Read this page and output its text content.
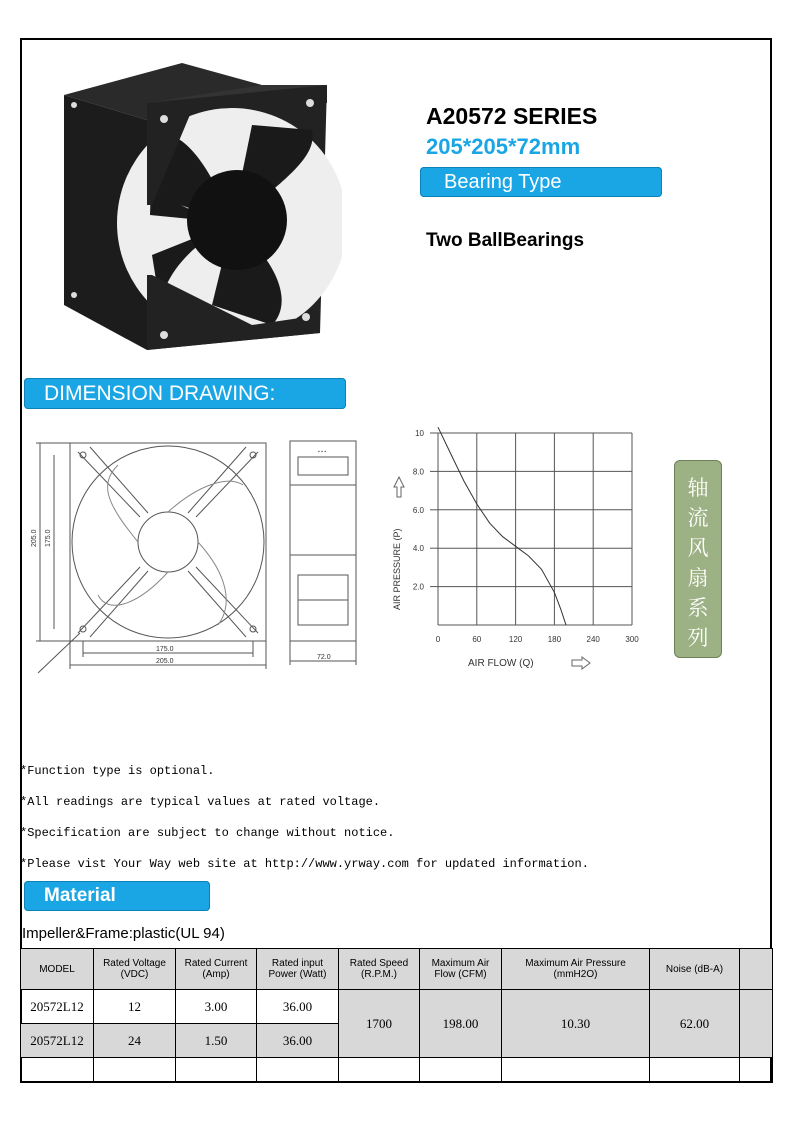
A20572 SERIES
205*205*72mm
Bearing Type
Two BallBearings
DIMENSION DRAWING:
205.0 175.0
175.0
205.0
▪ ▪ ▪
72.0
0	60	120	180	240	300
2.0
4.0
6.0
8.0
10
AIR PRESSURE (P)
AIR FLOW (Q)
轴
流
风
扇
系
列
*Function type is optional.
*All readings are typical values at rated voltage.
*Specification are subject to change without notice.
*Please vist Your Way web site at http://www.yrway.com for updated information.
Material
Impeller&Frame:plastic(UL 94)
MODEL	Rated Voltage (VDC)	Rated Current (Amp)	Rated input Power (Watt)	Rated Speed (R.P.M.)	Maximum Air Flow (CFM)	Maximum Air Pressure (mmH2O)	Noise (dB-A)	
20572L12	12	3.00	36.00	1700	198.00	10.30	62.00	
20572L12	24	1.50	36.00					
